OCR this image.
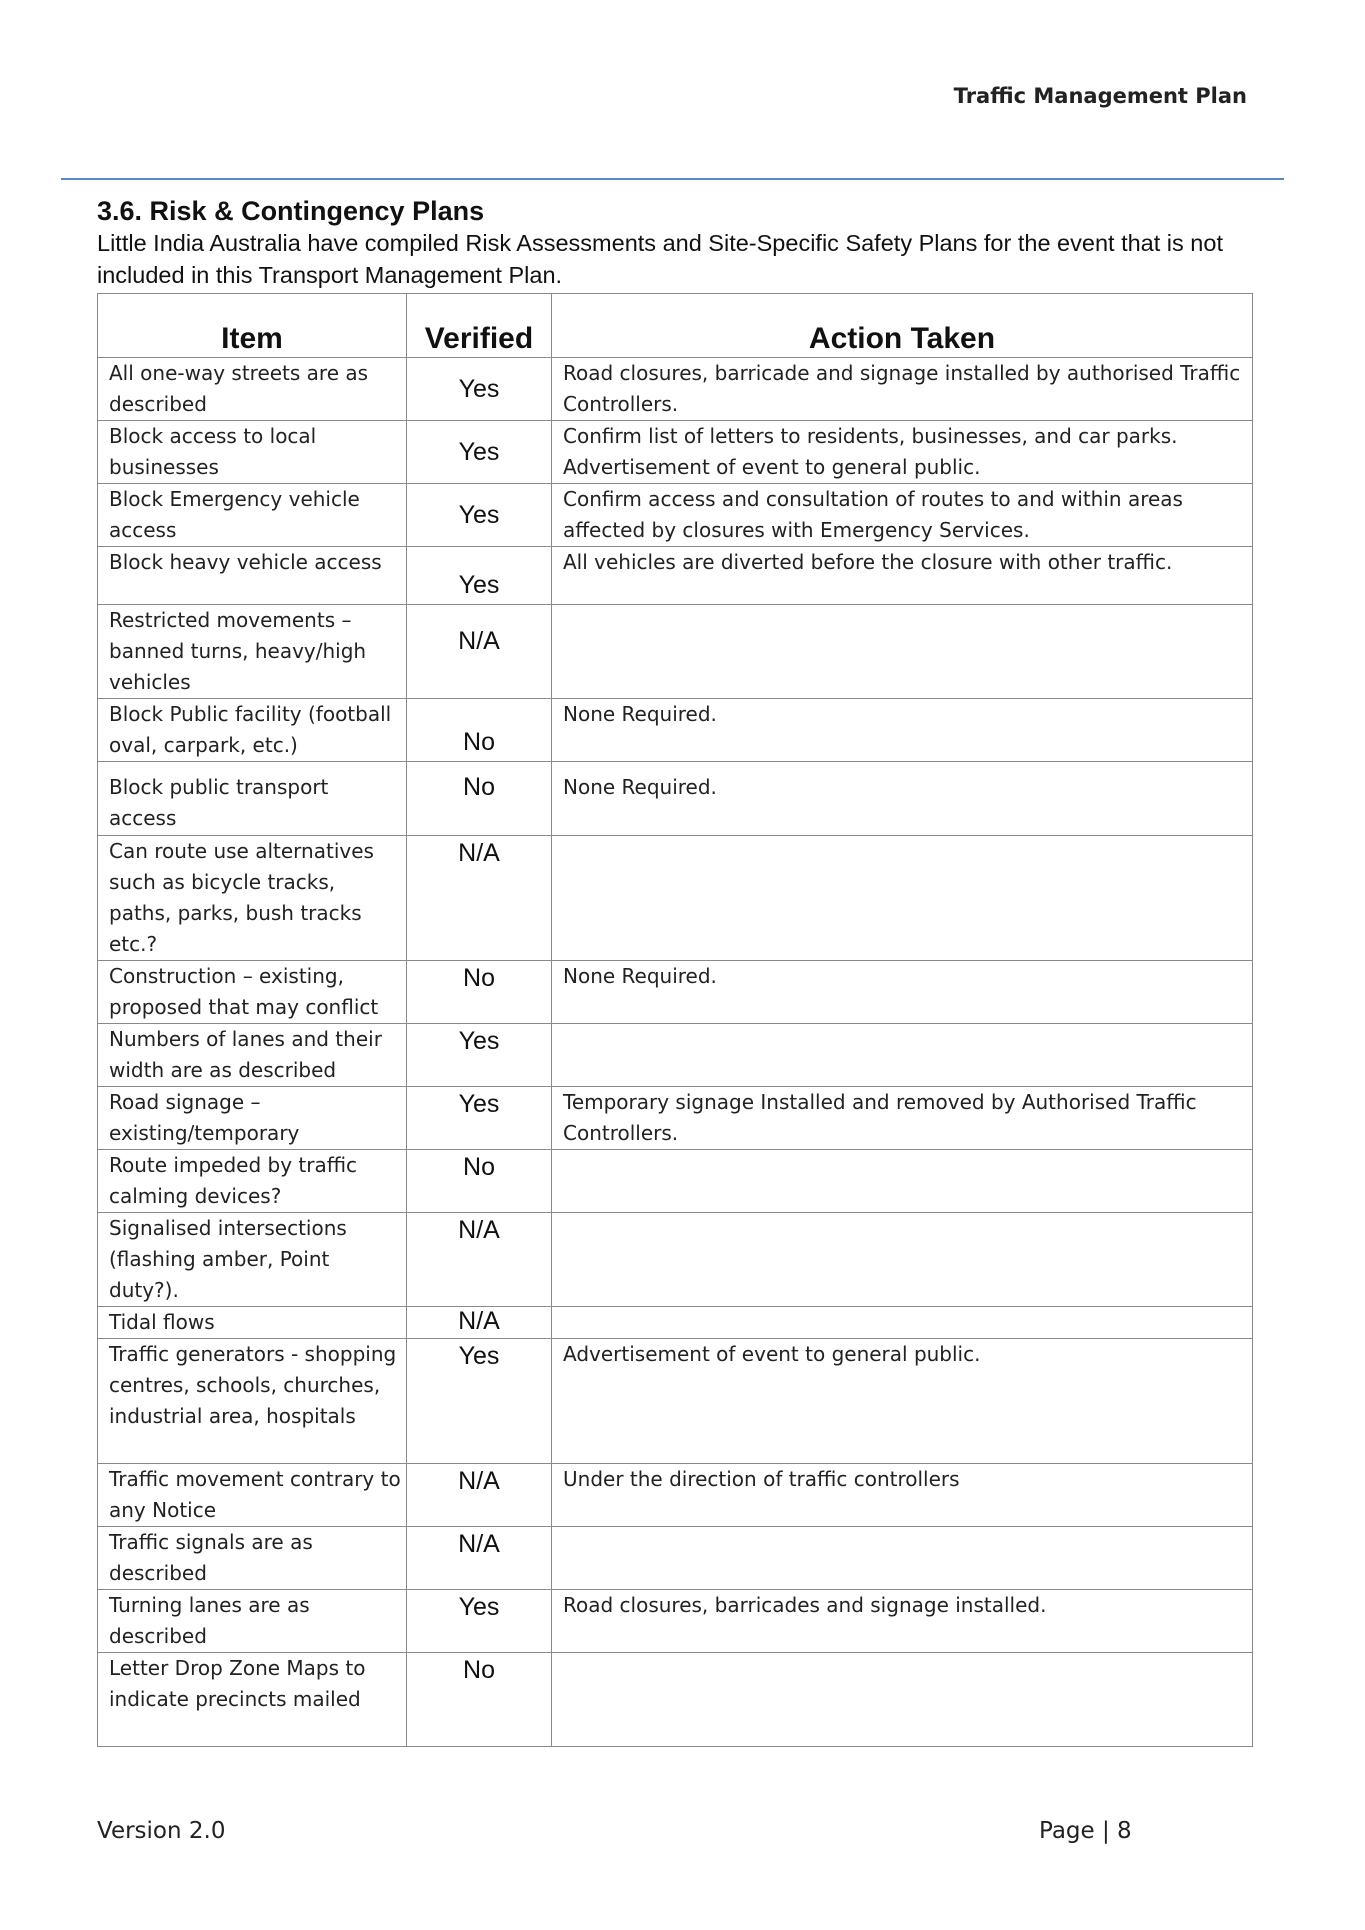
Traffic Management Plan
3.6. Risk & Contingency Plans
Little India Australia have compiled Risk Assessments and Site-Specific Safety Plans for the event that is not included in this Transport Management Plan.
Item	Verified	Action Taken
All one-way streets are as described	Yes	Road closures, barricade and signage installed by authorised Traffic Controllers.
Block access to local businesses	Yes	Confirm list of letters to residents, businesses, and car parks. Advertisement of event to general public.
Block Emergency vehicle access	Yes	Confirm access and consultation of routes to and within areas affected by closures with Emergency Services.
Block heavy vehicle access	Yes	All vehicles are diverted before the closure with other traffic.
Restricted movements – banned turns, heavy/high vehicles	N/A	
Block Public facility (football oval, carpark, etc.)	No	None Required.
Block public transport access	No	None Required.
Can route use alternatives such as bicycle tracks, paths, parks, bush tracks etc.?	N/A	
Construction – existing, proposed that may conflict	No	None Required.
Numbers of lanes and their width are as described	Yes	
Road signage – existing/temporary	Yes	Temporary signage Installed and removed by Authorised Traffic Controllers.
Route impeded by traffic calming devices?	No	
Signalised intersections (flashing amber, Point duty?).	N/A	
Tidal flows	N/A	
Traffic generators - shopping centres, schools, churches, industrial area, hospitals	Yes	Advertisement of event to general public.
Traffic movement contrary to any Notice	N/A	Under the direction of traffic controllers
Traffic signals are as described	N/A	
Turning lanes are as described	Yes	Road closures, barricades and signage installed.
Letter Drop Zone Maps to indicate precincts mailed	No	
Version 2.0	Page | 8
